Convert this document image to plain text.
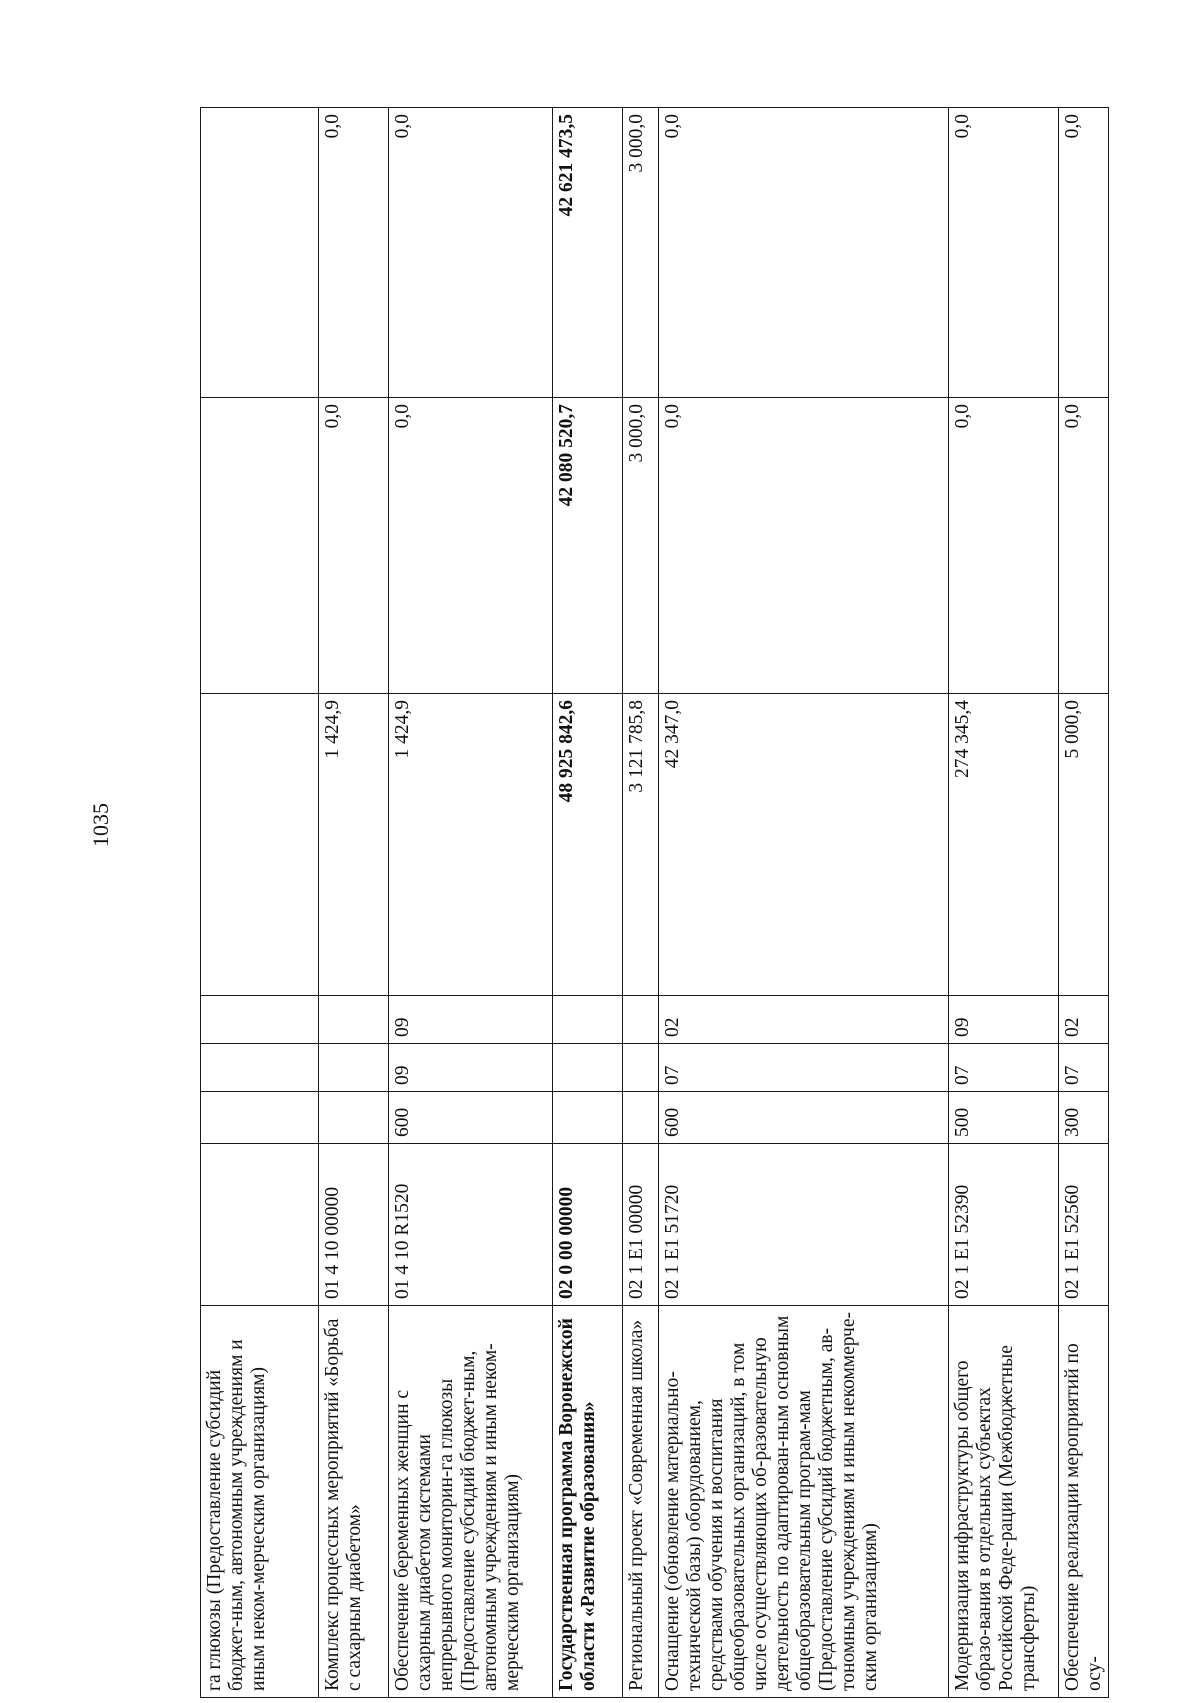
1035
га глюкозы (Предоставление субсидий бюджет-ным, автономным учреждениям и иным неком-мерческим организациям)							
Комплекс процессных мероприятий «Борьба с сахарным диабетом»	01 4 10 00000				1 424,9	0,0	0,0
Обеспечение беременных женщин с сахарным диабетом системами непрерывного мониторин-га глюкозы (Предоставление субсидий бюджет-ным, автономным учреждениям и иным неком-мерческим организациям)	01 4 10 R1520	600	09	09	1 424,9	0,0	0,0
Государственная программа Воронежской области «Развитие образования»	02 0 00 00000				48 925 842,6	42 080 520,7	42 621 473,5
Региональный проект «Современная школа»	02 1 E1 00000				3 121 785,8	3 000,0	3 000,0
Оснащение (обновление материально-технической базы) оборудованием, средствами обучения и воспитания общеобразовательных организаций, в том числе осуществляющих об-разовательную деятельность по адаптирован-ным основным общеобразовательным програм-мам (Предоставление субсидий бюджетным, ав-тономным учреждениям и иным некоммерче-ским организациям)	02 1 E1 51720	600	07	02	42 347,0	0,0	0,0
Модернизация инфраструктуры общего образо-вания в отдельных субъектах Российской Феде-рации (Межбюджетные трансферты)	02 1 E1 52390	500	07	09	274 345,4	0,0	0,0
Обеспечение реализации мероприятий по осу-	02 1 E1 52560	300	07	02	5 000,0	0,0	0,0
